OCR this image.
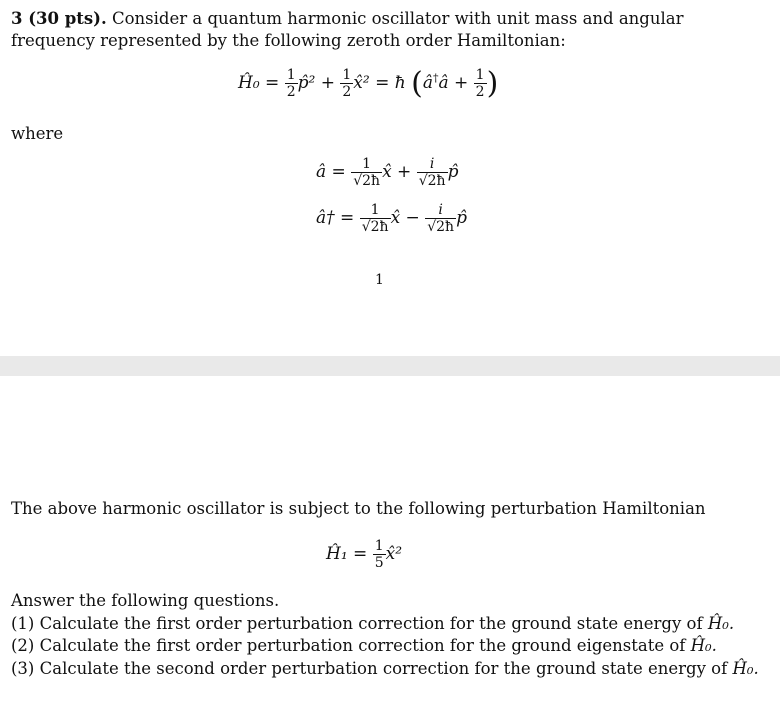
3 (30 pts). Consider a quantum harmonic oscillator with unit mass and angular frequency represented by the following zeroth order Hamiltonian:
Ĥ₀ = $\frac{1}{2}$ p̂² + $\frac{1}{2}$ x̂² = ħ (â†â + $\frac{1}{2}$ )
where
â = $\frac{1}{√2ħ}$ x̂ + $\frac{i}{√2ħ}$ p̂
â† = $\frac{1}{√2ħ}$ x̂ − $\frac{i}{√2ħ}$ p̂
1
The above harmonic oscillator is subject to the following perturbation Hamiltonian
Ĥ₁ = $\frac{1}{5}$ x̂²

Answer the following questions.

(1) Calculate the first order perturbation correction for the ground state energy of Ĥ₀.

(2) Calculate the first order perturbation correction for the ground eigenstate of Ĥ₀.

(3) Calculate the second order perturbation correction for the ground state energy of Ĥ₀.
